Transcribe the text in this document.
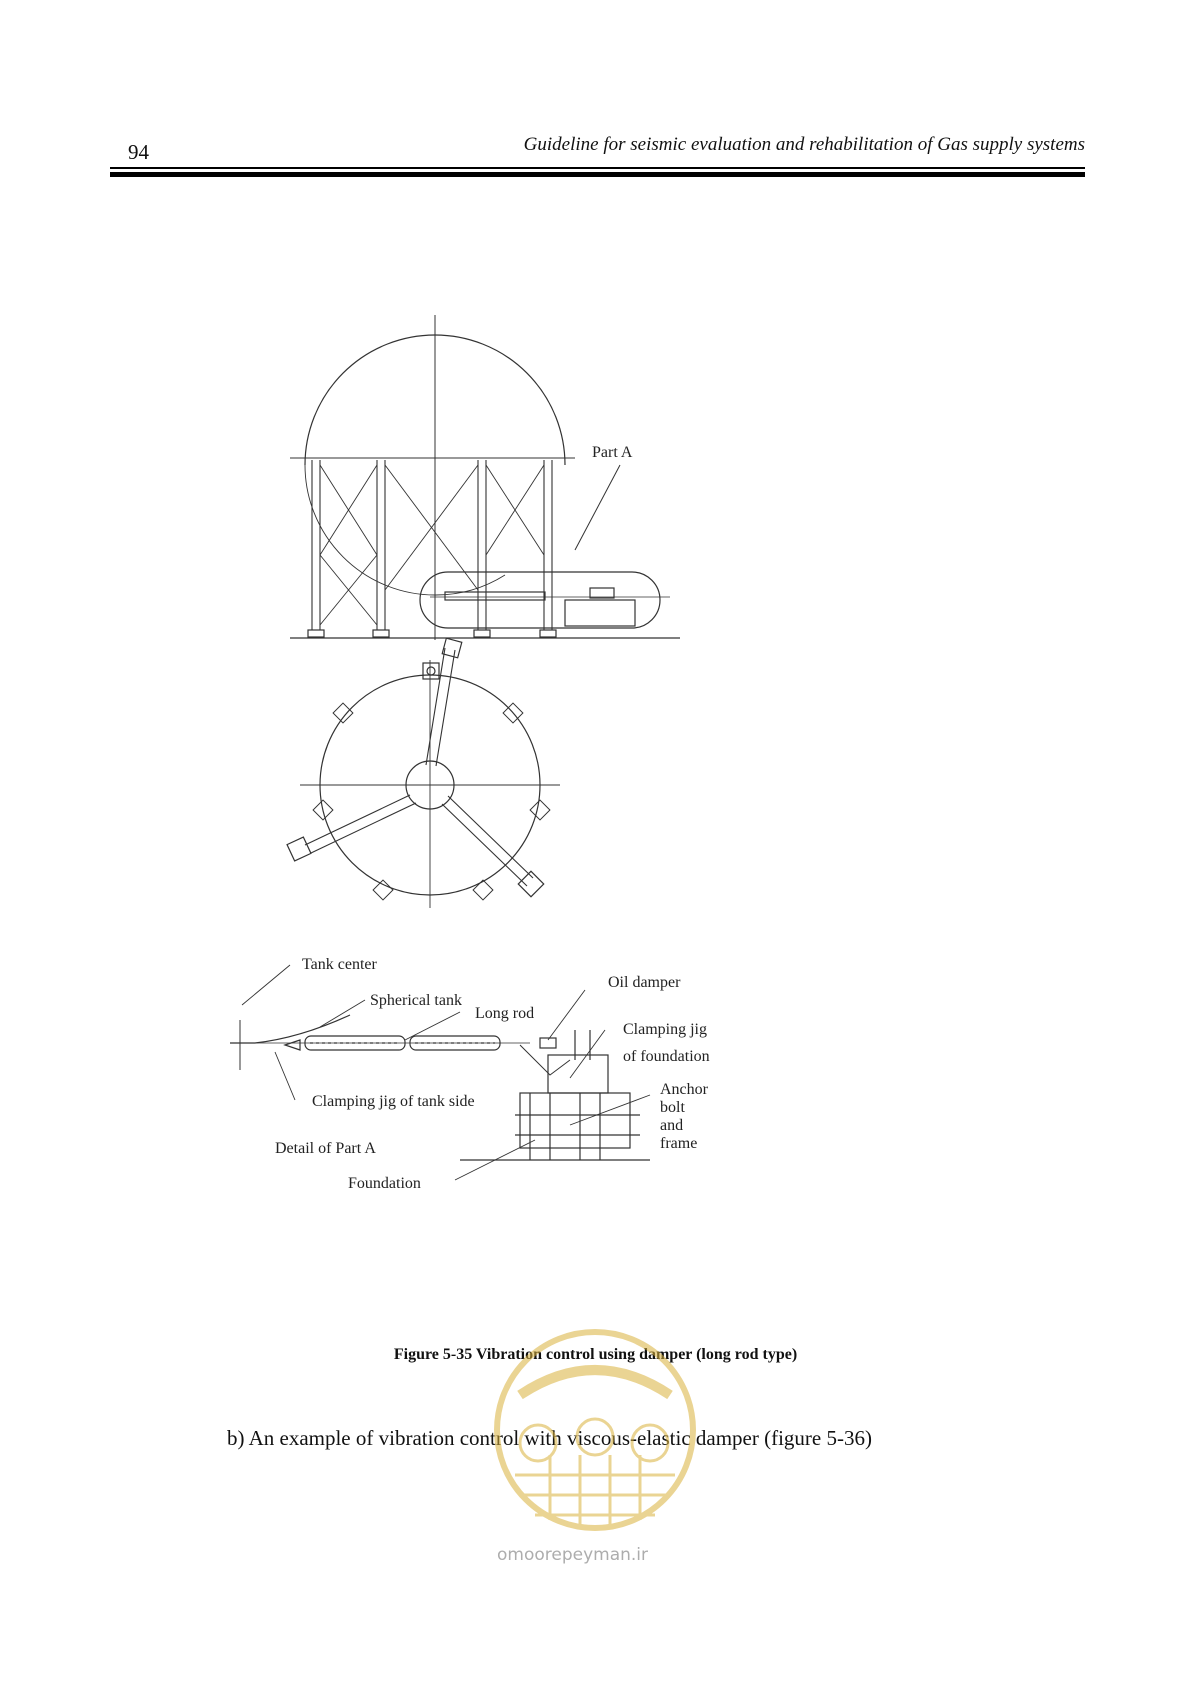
94	Guideline for seismic evaluation and rehabilitation of Gas supply systems
Part A
Tank center
Spherical tank
Long rod
Oil damper
Clamping jig
of foundation
Clamping jig of tank side
Anchor
bolt
and
frame
Detail of Part A
Foundation
Figure 5-35 Vibration control using damper (long rod type)
b) An example of vibration control with viscous-elastic damper (figure 5-36)
omoorepeyman.ir
